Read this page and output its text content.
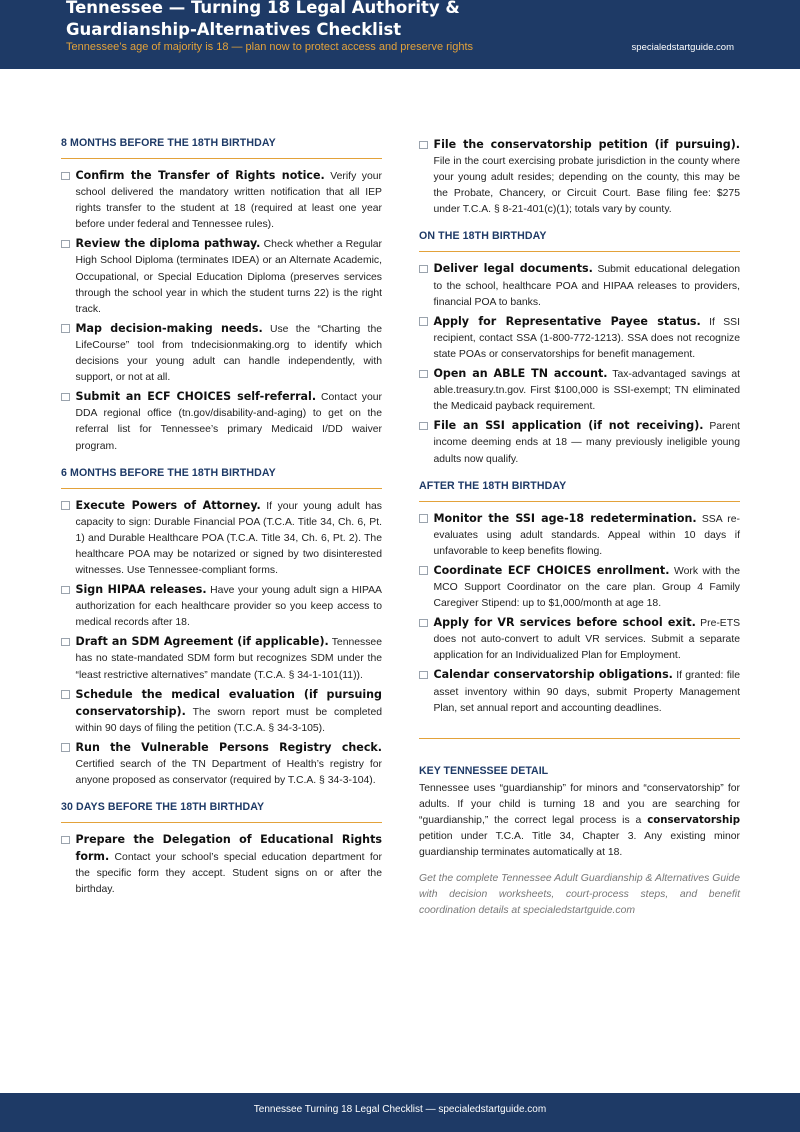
Tennessee — Turning 18 Legal Authority & Guardianship-Alternatives Checklist
Tennessee’s age of majority is 18 — plan now to protect access and preserve rights	specialedstartguide.com
8 MONTHS BEFORE THE 18TH BIRTHDAY
Confirm the Transfer of Rights notice. Verify your school delivered the mandatory written notification that all IEP rights transfer to the student at 18 (required at least one year before under federal and Tennessee rules).
Review the diploma pathway. Check whether a Regular High School Diploma (terminates IDEA) or an Alternate Academic, Occupational, or Special Education Diploma (preserves services through the school year in which the student turns 22) is the right track.
Map decision-making needs. Use the “Charting the LifeCourse” tool from tndecisionmaking.org to identify which decisions your young adult can handle independently, with support, or not at all.
Submit an ECF CHOICES self-referral. Contact your DDA regional office (tn.gov/disability-and-aging) to get on the referral list for Tennessee’s primary Medicaid I/DD waiver program.
6 MONTHS BEFORE THE 18TH BIRTHDAY
Execute Powers of Attorney. If your young adult has capacity to sign: Durable Financial POA (T.C.A. Title 34, Ch. 6, Pt. 1) and Durable Healthcare POA (T.C.A. Title 34, Ch. 6, Pt. 2). The healthcare POA may be notarized or signed by two disinterested witnesses. Use Tennessee-compliant forms.
Sign HIPAA releases. Have your young adult sign a HIPAA authorization for each healthcare provider so you keep access to medical records after 18.
Draft an SDM Agreement (if applicable). Tennessee has no state-mandated SDM form but recognizes SDM under the “least restrictive alternatives” mandate (T.C.A. § 34-1-101(11)).
Schedule the medical evaluation (if pursuing conservatorship). The sworn report must be completed within 90 days of filing the petition (T.C.A. § 34-3-105).
Run the Vulnerable Persons Registry check. Certified search of the TN Department of Health’s registry for anyone proposed as conservator (required by T.C.A. § 34-3-104).
30 DAYS BEFORE THE 18TH BIRTHDAY
Prepare the Delegation of Educational Rights form. Contact your school’s special education department for the specific form they accept. Student signs on or after the birthday.
File the conservatorship petition (if pursuing). File in the court exercising probate jurisdiction in the county where your young adult resides; depending on the county, this may be the Probate, Chancery, or Circuit Court. Base filing fee: $275 under T.C.A. § 8-21-401(c)(1); totals vary by county.
ON THE 18TH BIRTHDAY
Deliver legal documents. Submit educational delegation to the school, healthcare POA and HIPAA releases to providers, financial POA to banks.
Apply for Representative Payee status. If SSI recipient, contact SSA (1-800-772-1213). SSA does not recognize state POAs or conservatorships for benefit management.
Open an ABLE TN account. Tax-advantaged savings at able.treasury.tn.gov. First $100,000 is SSI-exempt; TN eliminated the Medicaid payback requirement.
File an SSI application (if not receiving). Parent income deeming ends at 18 — many previously ineligible young adults now qualify.
AFTER THE 18TH BIRTHDAY
Monitor the SSI age-18 redetermination. SSA re-evaluates using adult standards. Appeal within 10 days if unfavorable to keep benefits flowing.
Coordinate ECF CHOICES enrollment. Work with the MCO Support Coordinator on the care plan. Group 4 Family Caregiver Stipend: up to $1,000/month at age 18.
Apply for VR services before school exit. Pre-ETS does not auto-convert to adult VR services. Submit a separate application for an Individualized Plan for Employment.
Calendar conservatorship obligations. If granted: file asset inventory within 90 days, submit Property Management Plan, set annual report and accounting deadlines.
KEY TENNESSEE DETAIL
Tennessee uses “guardianship” for minors and “conservatorship” for adults. If your child is turning 18 and you are searching for “guardianship,” the correct legal process is a conservatorship petition under T.C.A. Title 34, Chapter 3. Any existing minor guardianship terminates automatically at 18.
Get the complete Tennessee Adult Guardianship & Alternatives Guide with decision worksheets, court-process steps, and benefit coordination details at specialedstartguide.com
Tennessee Turning 18 Legal Checklist — specialedstartguide.com
